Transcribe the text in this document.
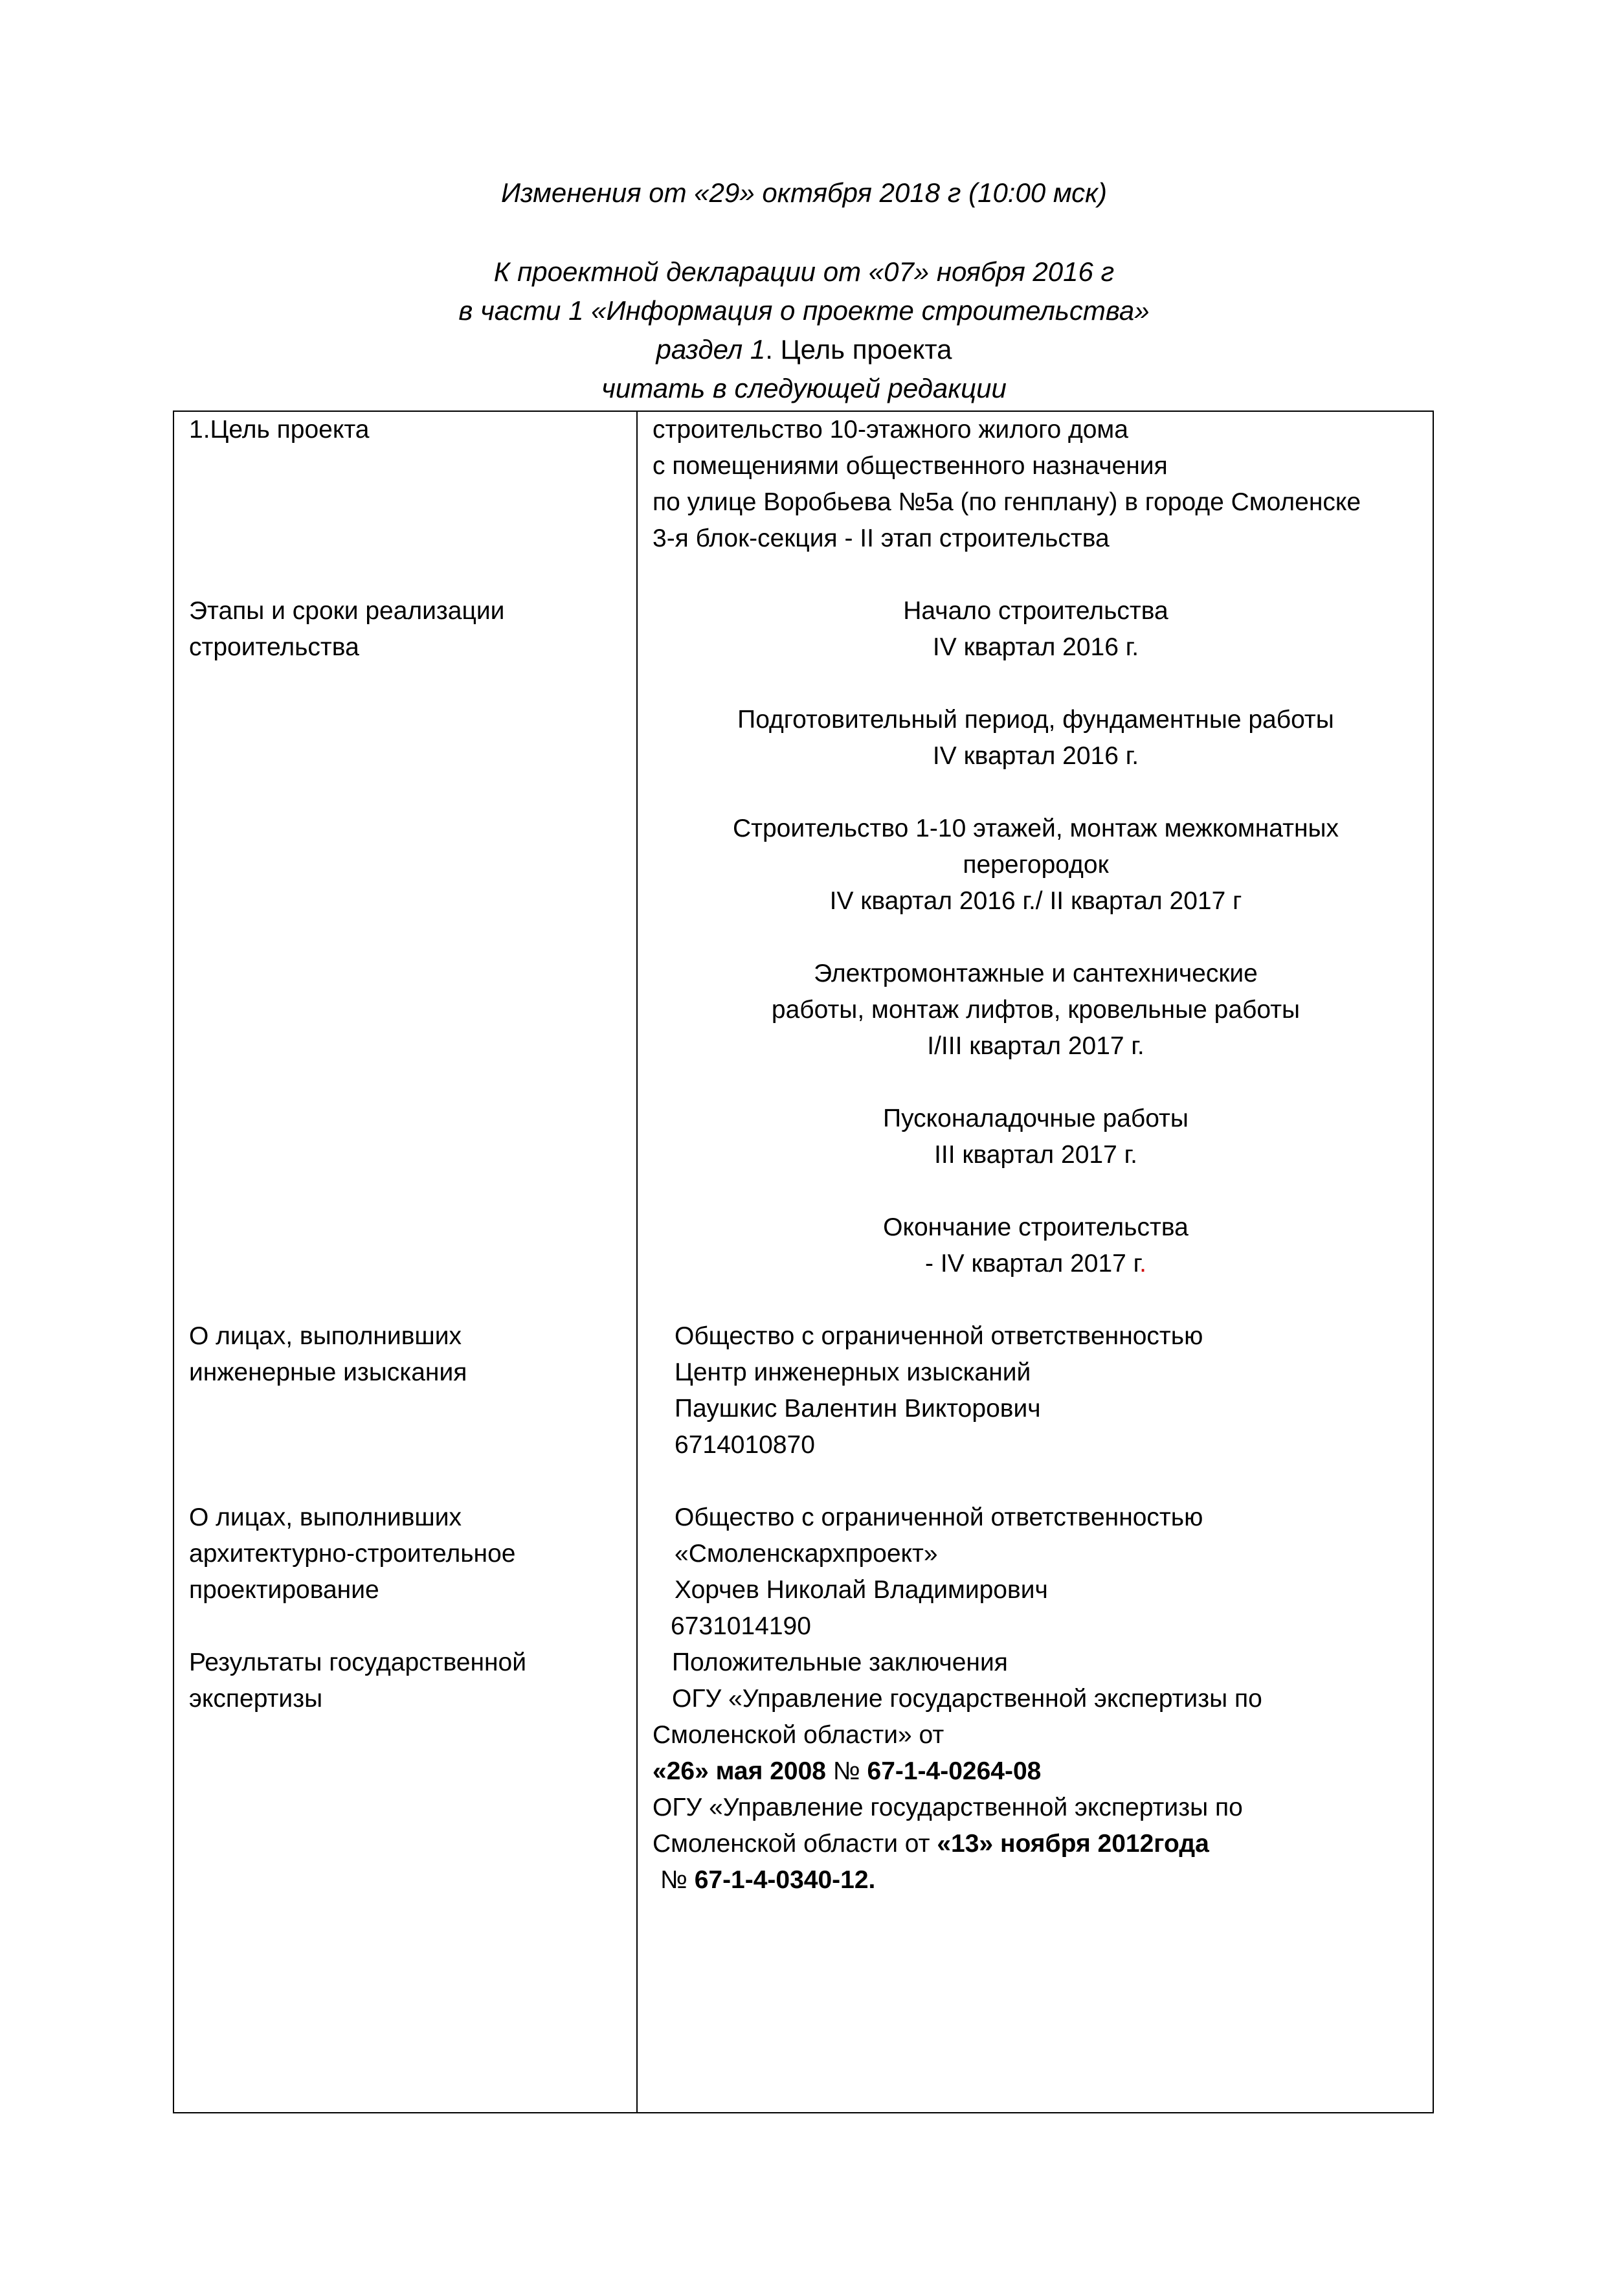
Изменения от «29» октября 2018 г (10:00 мск)
К проектной декларации от «07» ноября 2016 г
в части 1 «Информация о проекте строительства»
раздел 1. Цель проекта
читать в следующей редакции
1.Цель проекта	строительство 10-этажного жилого дома
с помещениями общественного назначения
по улице Воробьева №5а (по генплану) в городе Смоленске
3-я блок-секция - II этап строительства
Этапы и сроки реализации
строительства
Начало строительства
IV квартал 2016 г.
Подготовительный период, фундаментные работы
IV квартал 2016 г.
Строительство 1-10 этажей, монтаж межкомнатных
перегородок
IV квартал 2016 г./ II квартал 2017 г
Электромонтажные и сантехнические
работы, монтаж лифтов, кровельные работы
I/III квартал 2017 г.
Пусконаладочные работы
III квартал 2017 г.
Окончание строительства
- IV квартал 2017 г.
О лицах, выполнивших
инженерные изыскания
Общество с ограниченной ответственностью
Центр инженерных изысканий
Паушкис Валентин Викторович
6714010870
О лицах, выполнивших
архитектурно-строительное
проектирование
Общество с ограниченной ответственностью
«Смоленскархпроект»
Хорчев Николай Владимирович
6731014190
Результаты государственной
экспертизы
Положительные заключения
ОГУ «Управление государственной экспертизы по
Смоленской области» от
«26» мая 2008 № 67-1-4-0264-08
ОГУ «Управление государственной экспертизы по
Смоленской области от «13» ноября 2012года
№ 67-1-4-0340-12.
